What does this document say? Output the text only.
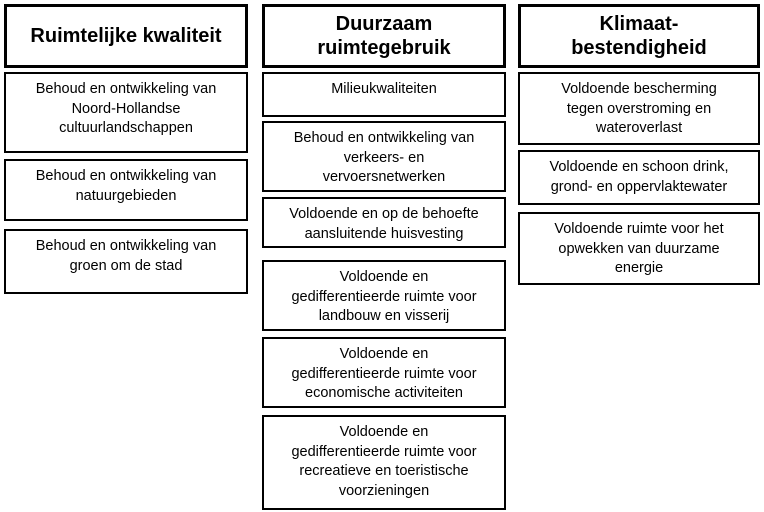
Ruimtelijke kwaliteit
Behoud en ontwikkeling van
Noord-Hollandse
cultuurlandschappen
Behoud en ontwikkeling van
natuurgebieden
Behoud en ontwikkeling van
groen om de stad
Duurzaam
ruimtegebruik
Milieukwaliteiten
Behoud en ontwikkeling van
verkeers- en
vervoersnetwerken
Voldoende en op de behoefte
aansluitende huisvesting
Voldoende en
gedifferentieerde ruimte voor
landbouw en visserij
Voldoende en
gedifferentieerde ruimte voor
economische activiteiten
Voldoende en
gedifferentieerde ruimte voor
recreatieve en toeristische
voorzieningen
Klimaat-
bestendigheid
Voldoende bescherming
tegen overstroming en
wateroverlast
Voldoende en schoon drink,
grond- en oppervlaktewater
Voldoende ruimte voor het
opwekken van duurzame
energie
